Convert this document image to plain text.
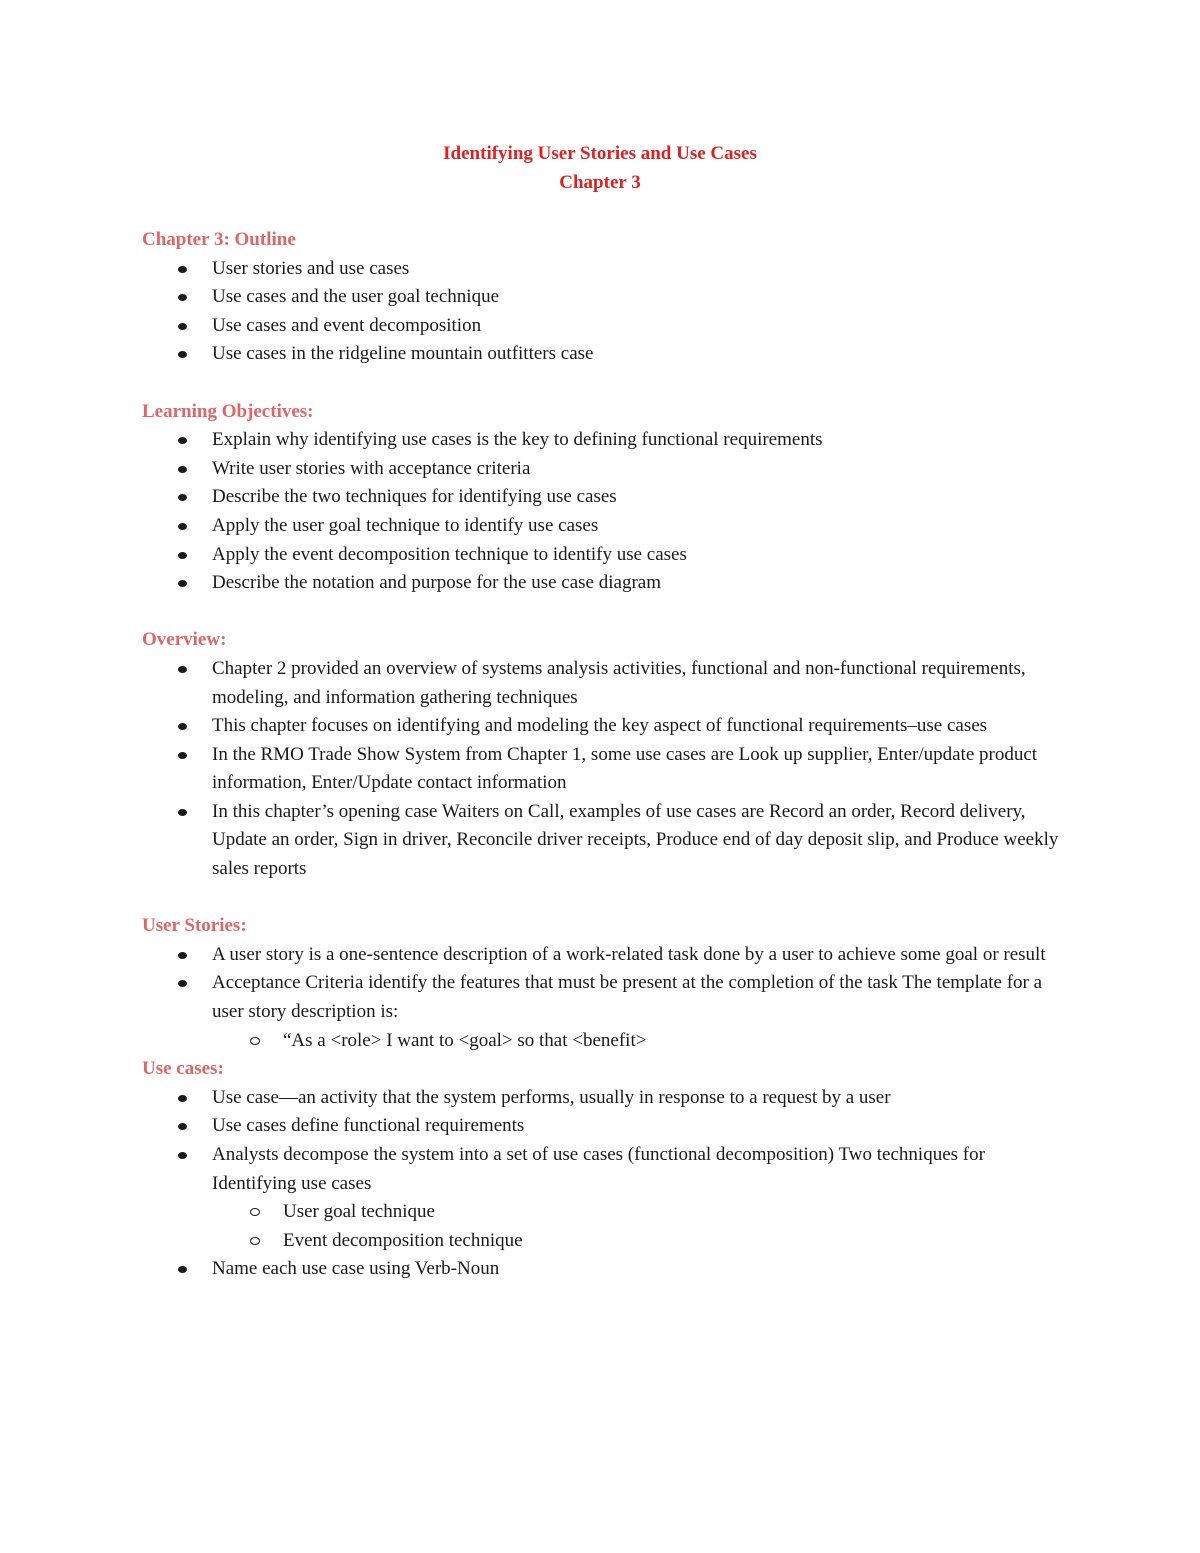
Identifying User Stories and Use Cases
Chapter 3
Chapter 3: Outline
User stories and use cases
Use cases and the user goal technique
Use cases and event decomposition
Use cases in the ridgeline mountain outfitters case
Learning Objectives:
Explain why identifying use cases is the key to defining functional requirements
Write user stories with acceptance criteria
Describe the two techniques for identifying use cases
Apply the user goal technique to identify use cases
Apply the event decomposition technique to identify use cases
Describe the notation and purpose for the use case diagram
Overview:
Chapter 2 provided an overview of systems analysis activities, functional and non-functional requirements, modeling, and information gathering techniques
This chapter focuses on identifying and modeling the key aspect of functional requirements–use cases
In the RMO Trade Show System from Chapter 1, some use cases are Look up supplier, Enter/update product information, Enter/Update contact information
In this chapter’s opening case Waiters on Call, examples of use cases are Record an order, Record delivery, Update an order, Sign in driver, Reconcile driver receipts, Produce end of day deposit slip, and Produce weekly sales reports
User Stories:
A user story is a one-sentence description of a work-related task done by a user to achieve some goal or result
Acceptance Criteria identify the features that must be present at the completion of the task The template for a user story description is:
“As a <role> I want to <goal> so that <benefit>
Use cases:
Use case—an activity that the system performs, usually in response to a request by a user
Use cases define functional requirements
Analysts decompose the system into a set of use cases (functional decomposition) Two techniques for Identifying use cases
User goal technique
Event decomposition technique
Name each use case using Verb-Noun
